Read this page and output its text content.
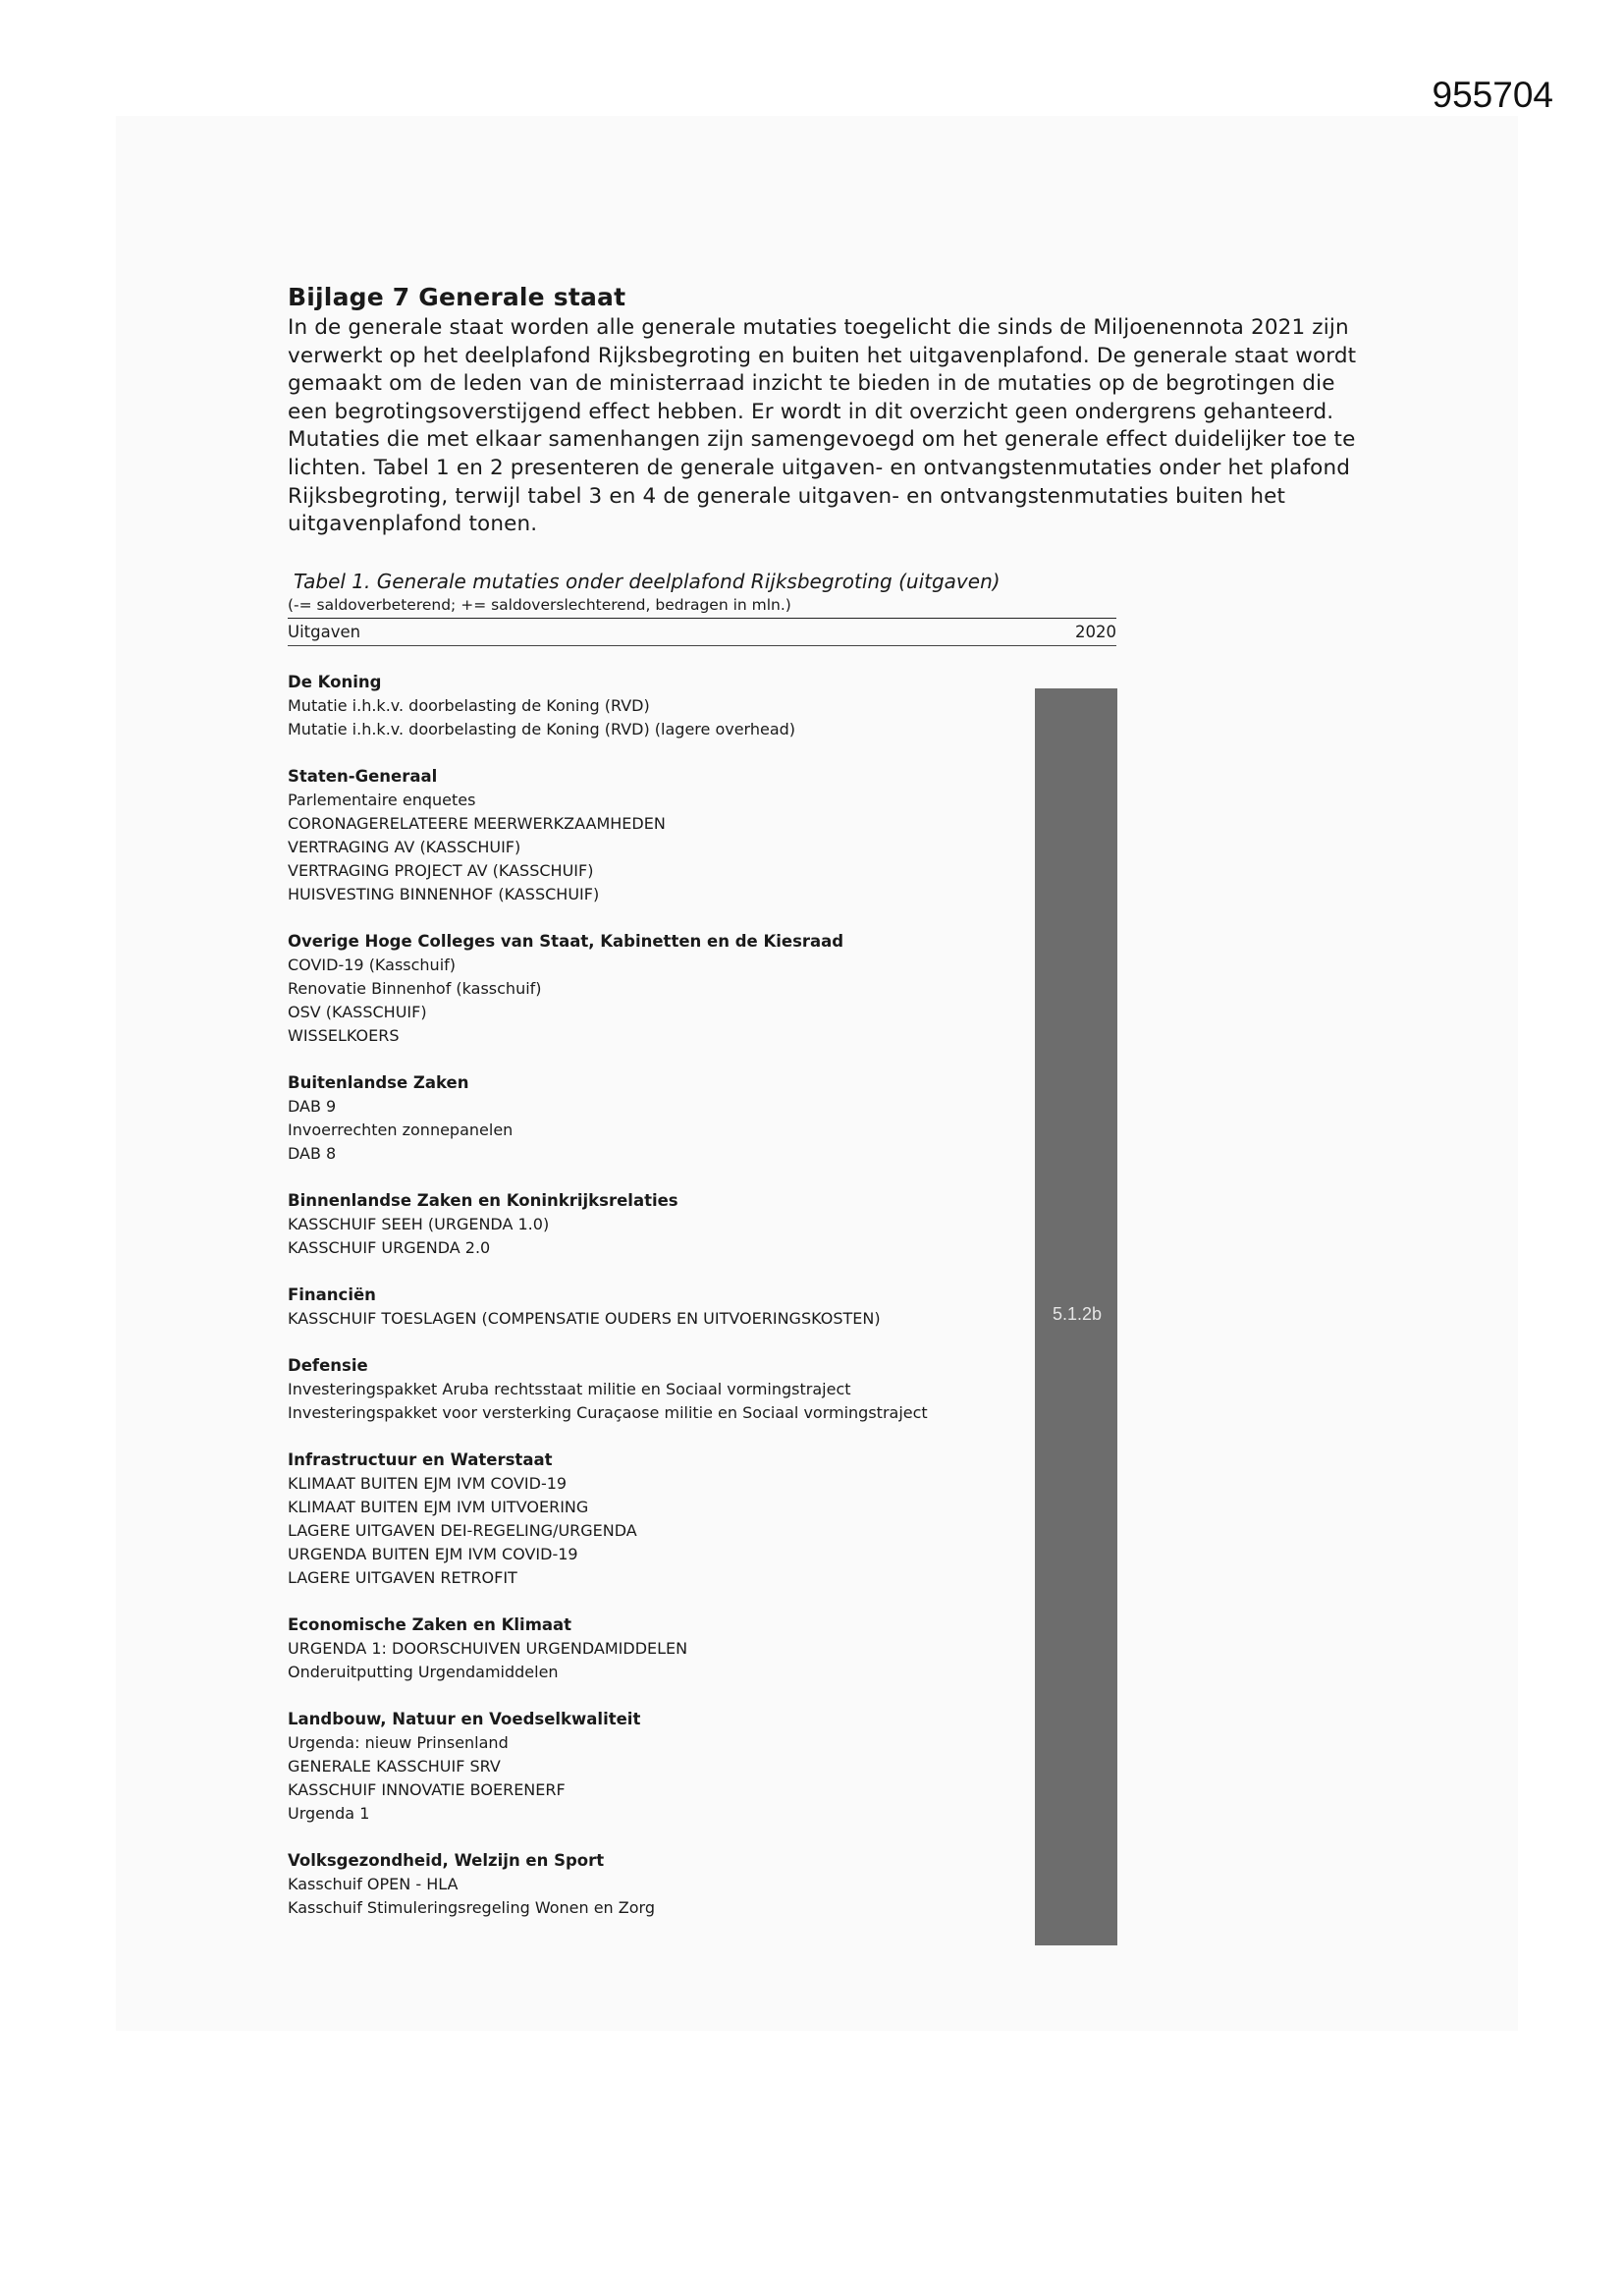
955704
Bijlage 7 Generale staat

In de generale staat worden alle generale mutaties toegelicht die sinds de Miljoenennota 2021 zijn

verwerkt op het deelplafond Rijksbegroting en buiten het uitgavenplafond. De generale staat wordt

gemaakt om de leden van de ministerraad inzicht te bieden in de mutaties op de begrotingen die

een begrotingsoverstijgend effect hebben. Er wordt in dit overzicht geen ondergrens gehanteerd.

Mutaties die met elkaar samenhangen zijn samengevoegd om het generale effect duidelijker toe te

lichten. Tabel 1 en 2 presenteren de generale uitgaven- en ontvangstenmutaties onder het plafond

Rijksbegroting, terwijl tabel 3 en 4 de generale uitgaven- en ontvangstenmutaties buiten het

uitgavenplafond tonen.

Tabel 1. Generale mutaties onder deelplafond Rijksbegroting (uitgaven)
(-= saldoverbeterend; += saldoverslechterend, bedragen in mln.)
Uitgaven	2020
De Koning
Mutatie i.h.k.v. doorbelasting de Koning (RVD)
Mutatie i.h.k.v. doorbelasting de Koning (RVD) (lagere overhead)
Staten-Generaal
Parlementaire enquetes
CORONAGERELATEERE MEERWERKZAAMHEDEN
VERTRAGING AV (KASSCHUIF)
VERTRAGING PROJECT AV (KASSCHUIF)
HUISVESTING BINNENHOF (KASSCHUIF)
Overige Hoge Colleges van Staat, Kabinetten en de Kiesraad
COVID-19 (Kasschuif)
Renovatie Binnenhof (kasschuif)
OSV (KASSCHUIF)
WISSELKOERS
Buitenlandse Zaken
DAB 9
Invoerrechten zonnepanelen
DAB 8
Binnenlandse Zaken en Koninkrijksrelaties
KASSCHUIF SEEH (URGENDA 1.0)
KASSCHUIF URGENDA 2.0
Financiën
KASSCHUIF TOESLAGEN (COMPENSATIE OUDERS EN UITVOERINGSKOSTEN)
Defensie
Investeringspakket Aruba rechtsstaat militie en Sociaal vormingstraject
Investeringspakket voor versterking Curaçaose militie en Sociaal vormingstraject
Infrastructuur en Waterstaat
KLIMAAT BUITEN EJM IVM COVID-19
KLIMAAT BUITEN EJM IVM UITVOERING
LAGERE UITGAVEN DEI-REGELING/URGENDA
URGENDA BUITEN EJM IVM COVID-19
LAGERE UITGAVEN RETROFIT
Economische Zaken en Klimaat
URGENDA 1: DOORSCHUIVEN URGENDAMIDDELEN
Onderuitputting Urgendamiddelen
Landbouw, Natuur en Voedselkwaliteit
Urgenda: nieuw Prinsenland
GENERALE KASSCHUIF SRV
KASSCHUIF INNOVATIE BOERENERF
Urgenda 1
Volksgezondheid, Welzijn en Sport
Kasschuif OPEN - HLA
Kasschuif Stimuleringsregeling Wonen en Zorg
5.1.2b
